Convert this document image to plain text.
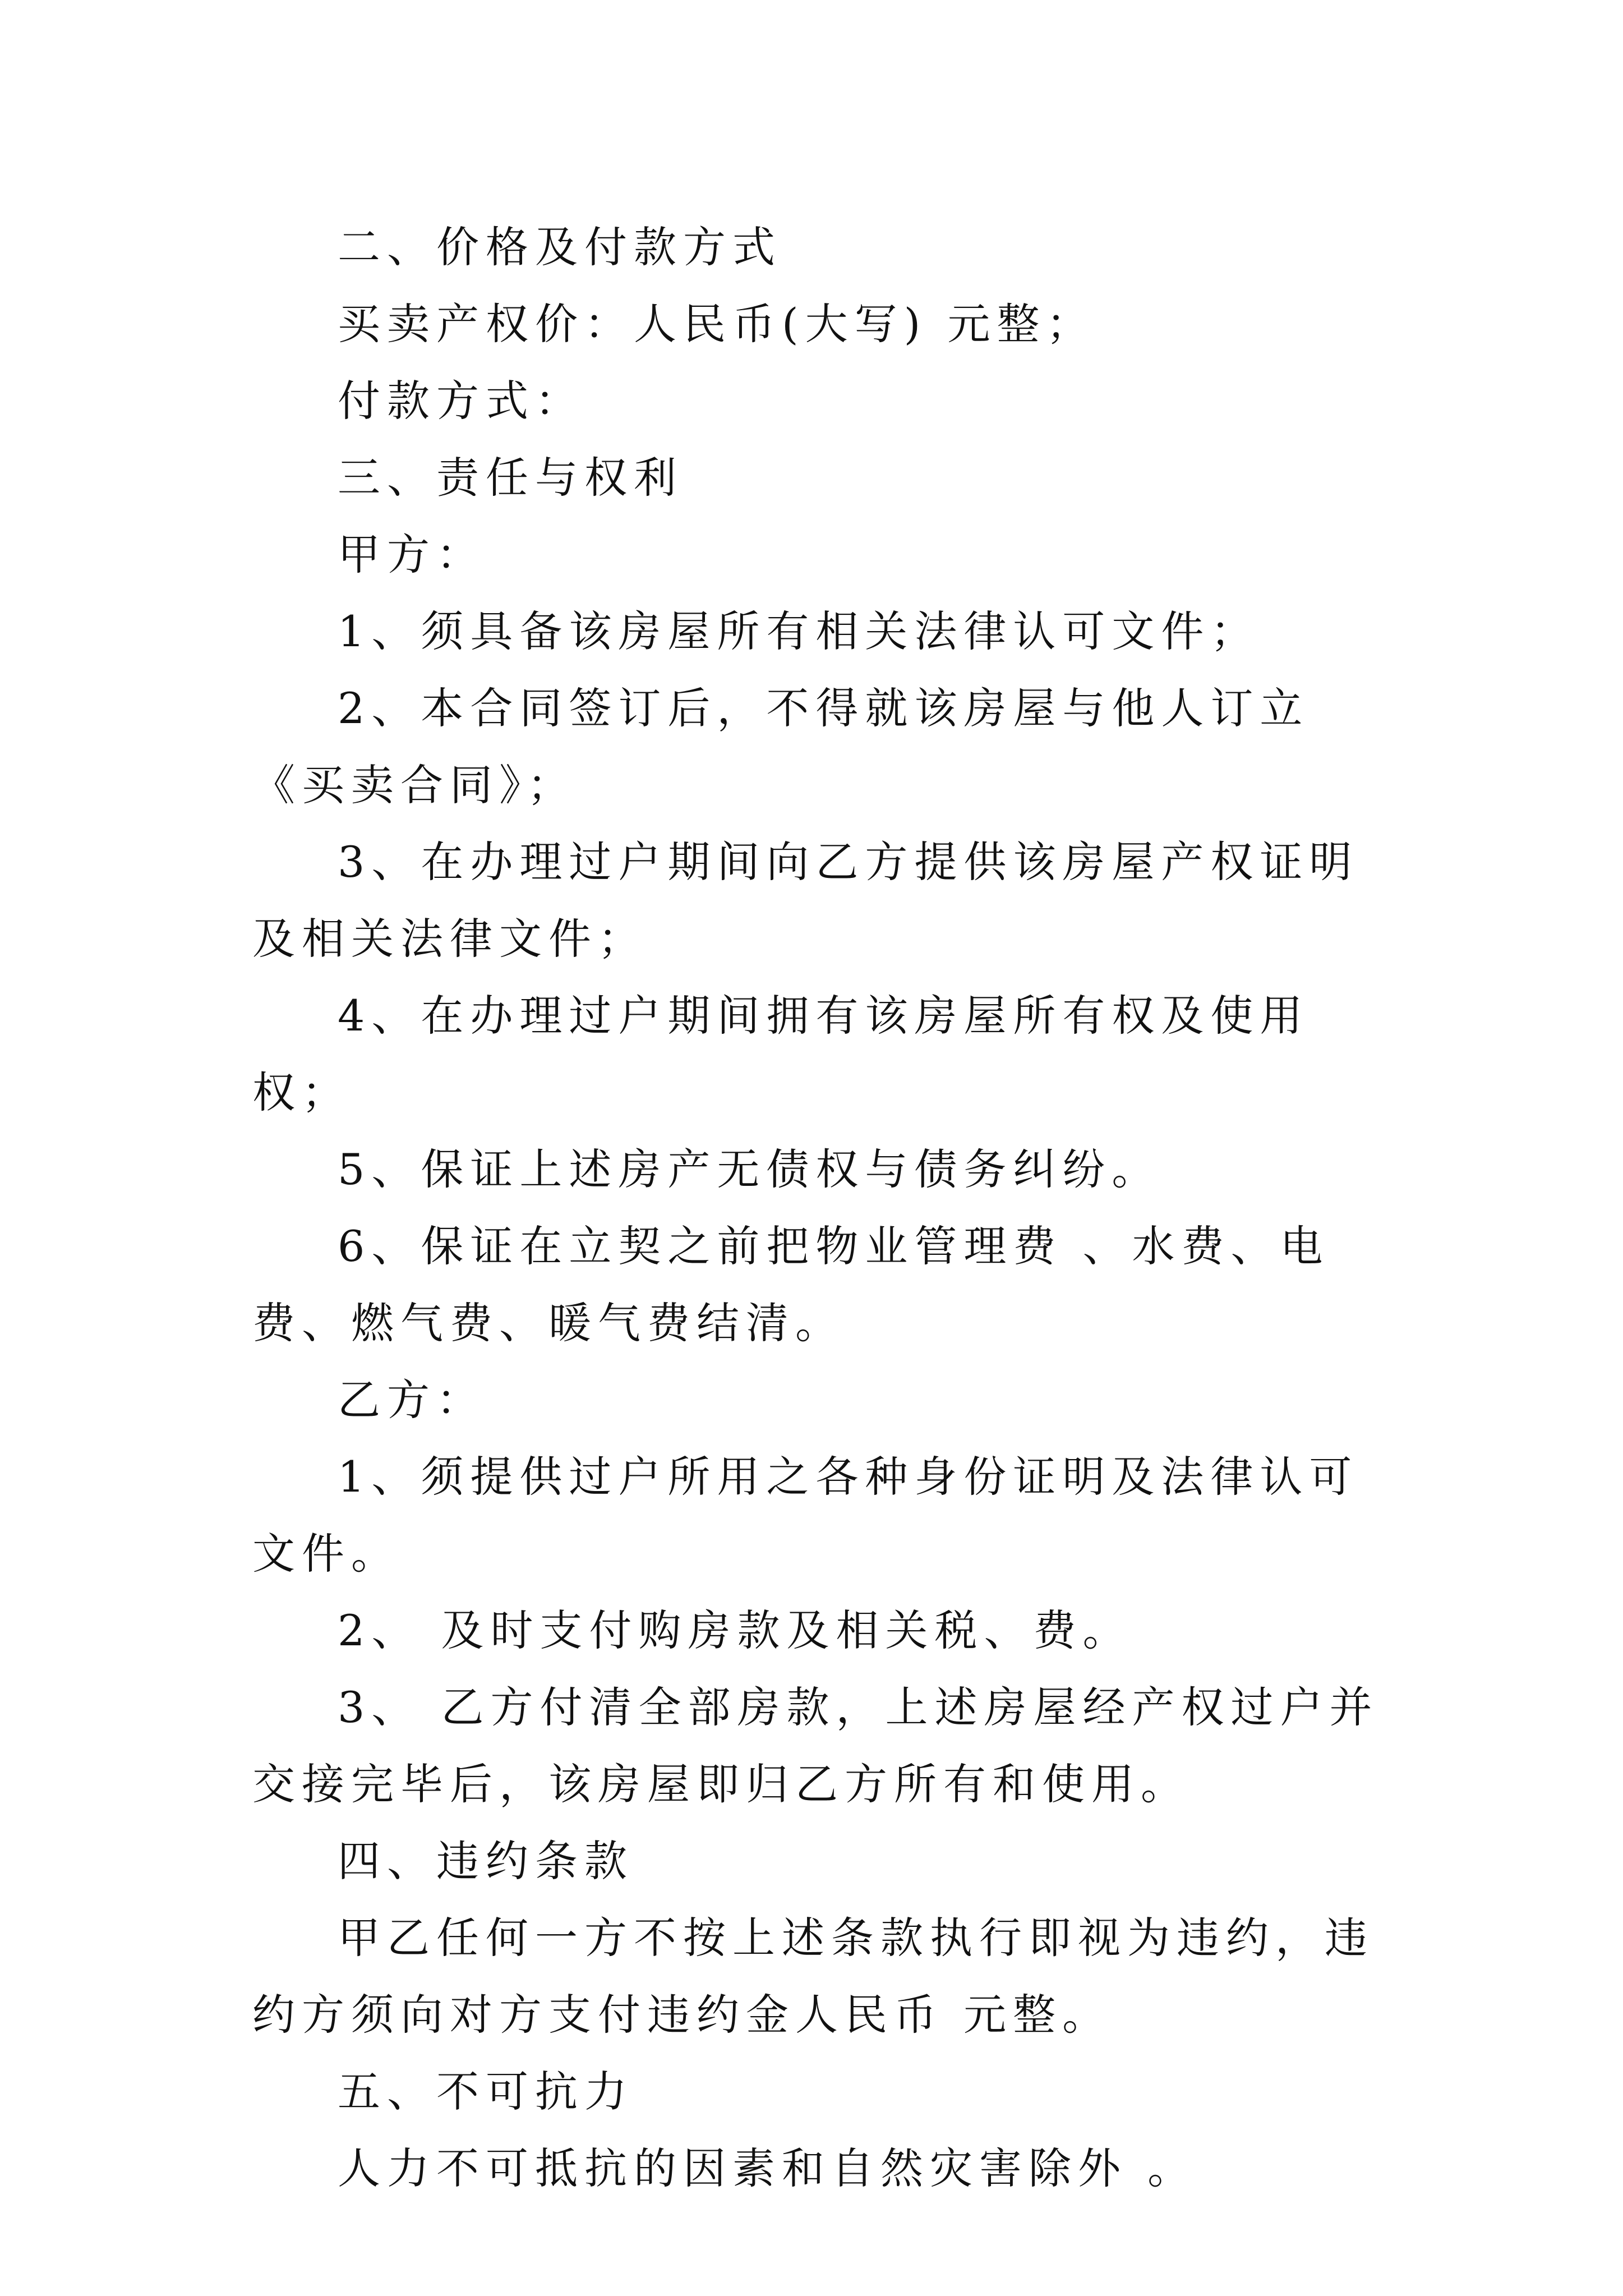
二、价格及付款方式

买卖产权价：人民币(大写) 元整；

付款方式：

三、责任与权利

甲方：

1、须具备该房屋所有相关法律认可文件；

2、本合同签订后，不得就该房屋与他人订立《买卖合同》；

3、在办理过户期间向乙方提供该房屋产权证明及相关法律文件；

4、在办理过户期间拥有该房屋所有权及使用权；

5、保证上述房产无债权与债务纠纷。

6、保证在立契之前把物业管理费 、水费、电费、燃气费、暖气费结清。

乙方：

1、须提供过户所用之各种身份证明及法律认可文件。

2、 及时支付购房款及相关税、费。

3、 乙方付清全部房款，上述房屋经产权过户并交接完毕后，该房屋即归乙方所有和使用。

四、违约条款

甲乙任何一方不按上述条款执行即视为违约，违约方须向对方支付违约金人民币 元整。

五、不可抗力

人力不可抵抗的因素和自然灾害除外 。
